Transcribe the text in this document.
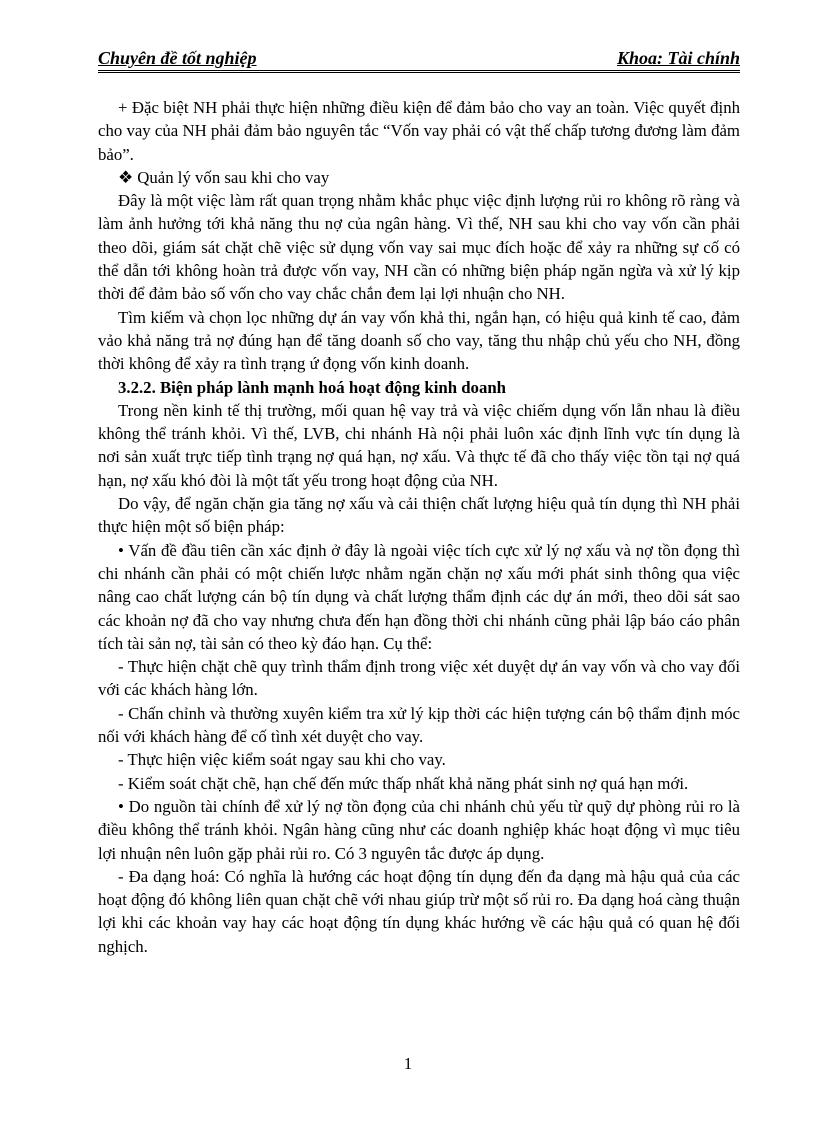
Chuyên đề tốt nghiệp	Khoa: Tài chính

+ Đặc biệt NH phải thực hiện những điều kiện để đảm bảo cho vay an toàn. Việc quyết định cho vay của NH phải đảm bảo nguyên tắc “Vốn vay phải có vật thế chấp tương đương làm đảm bảo”.

❖ Quản lý vốn sau khi cho vay

Đây là một việc làm rất quan trọng nhằm khắc phục việc định lượng rủi ro không rõ ràng và làm ảnh hưởng tới khả năng thu nợ của ngân hàng. Vì thế, NH sau khi cho vay vốn cần phải theo dõi, giám sát chặt chẽ việc sử dụng vốn vay sai mục đích hoặc để xảy ra những sự cố có thể dẫn tới không hoàn trả được vốn vay, NH cần có những biện pháp ngăn ngừa và xử lý kịp thời để đảm bảo số vốn cho vay chắc chắn đem lại lợi nhuận cho NH.

Tìm kiếm và chọn lọc những dự án vay vốn khả thi, ngắn hạn, có hiệu quả kinh tế cao, đảm vảo khả năng trả nợ đúng hạn để tăng doanh số cho vay, tăng thu nhập chủ yếu cho NH, đồng thời không để xảy ra tình trạng ứ đọng vốn kinh doanh.

3.2.2. Biện pháp lành mạnh hoá hoạt động kinh doanh

Trong nền kinh tế thị trường, mối quan hệ vay trả và việc chiếm dụng vốn lẫn nhau là điều không thể tránh khỏi. Vì thế, LVB, chi nhánh Hà nội phải luôn xác định lĩnh vực tín dụng là nơi sản xuất trực tiếp tình trạng nợ quá hạn, nợ xấu. Và thực tế đã cho thấy việc tồn tại nợ quá hạn, nợ xấu khó đòi là một tất yếu trong hoạt động của NH.

Do vậy, để ngăn chặn gia tăng nợ xấu và cải thiện chất lượng hiệu quả tín dụng thì NH phải thực hiện một số biện pháp:

• Vấn đề đầu tiên cần xác định ở đây là ngoài việc tích cực xử lý nợ xấu và nợ tồn đọng thì chi nhánh cần phải có một chiến lược nhằm ngăn chặn nợ xấu mới phát sinh thông qua việc nâng cao chất lượng cán bộ tín dụng và chất lượng thẩm định các dự án mới, theo dõi sát sao các khoản nợ đã cho vay nhưng chưa đến hạn đồng thời chi nhánh cũng phải lập báo cáo phân tích tài sản nợ, tài sản có theo kỳ đáo hạn. Cụ thể:

- Thực hiện chặt chẽ quy trình thẩm định trong việc xét duyệt dự án vay vốn và cho vay đối với các khách hàng lớn.

- Chấn chỉnh và thường xuyên kiểm tra xử lý kịp thời các hiện tượng cán bộ thẩm định móc nối với khách hàng để cố tình xét duyệt cho vay.

- Thực hiện việc kiểm soát ngay sau khi cho vay.

- Kiểm soát chặt chẽ, hạn chế đến mức thấp nhất khả năng phát sinh nợ quá hạn mới.

• Do nguồn tài chính để xử lý nợ tồn đọng của chi nhánh chủ yếu từ quỹ dự phòng rủi ro là điều không thể tránh khỏi. Ngân hàng cũng như các doanh nghiệp khác hoạt động vì mục tiêu lợi nhuận nên luôn gặp phải rủi ro. Có 3 nguyên tắc được áp dụng.

- Đa dạng hoá: Có nghĩa là hướng các hoạt động tín dụng đến đa dạng mà hậu quả của các hoạt động đó không liên quan chặt chẽ với nhau giúp trừ một số rủi ro. Đa dạng hoá càng thuận lợi khi các khoản vay hay các hoạt động tín dụng khác hướng về các hậu quả có quan hệ đối nghịch.

1
